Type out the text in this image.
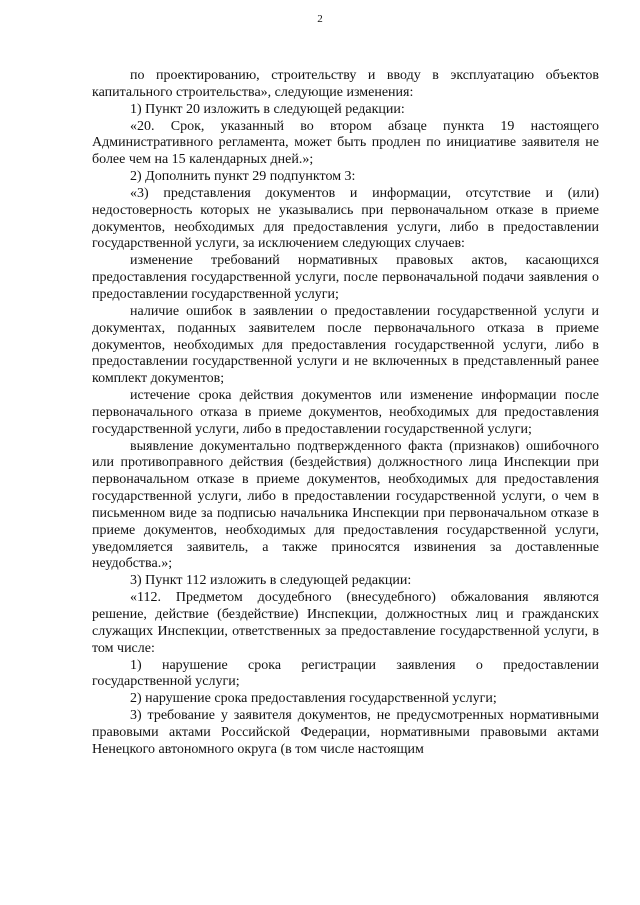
2

по проектированию, строительству и вводу в эксплуатацию объектов капитального строительства», следующие изменения:

1) Пункт 20 изложить в следующей редакции:

«20. Срок, указанный во втором абзаце пункта 19 настоящего Административного регламента, может быть продлен по инициативе заявителя не более чем на 15 календарных дней.»;

2) Дополнить пункт 29 подпунктом 3:

«3) представления документов и информации, отсутствие и (или) недостоверность которых не указывались при первоначальном отказе в приеме документов, необходимых для предоставления услуги, либо в предоставлении государственной услуги, за исключением следующих случаев:

изменение требований нормативных правовых актов, касающихся предоставления государственной услуги, после первоначальной подачи заявления о предоставлении государственной услуги;

наличие ошибок в заявлении о предоставлении государственной услуги и документах, поданных заявителем после первоначального отказа в приеме документов, необходимых для предоставления государственной услуги, либо в предоставлении государственной услуги и не включенных в представленный ранее комплект документов;

истечение срока действия документов или изменение информации после первоначального отказа в приеме документов, необходимых для предоставления государственной услуги, либо в предоставлении государственной услуги;

выявление документально подтвержденного факта (признаков) ошибочного или противоправного действия (бездействия) должностного лица Инспекции при первоначальном отказе в приеме документов, необходимых для предоставления государственной услуги, либо в предоставлении государственной услуги, о чем в письменном виде за подписью начальника Инспекции при первоначальном отказе в приеме документов, необходимых для предоставления государственной услуги, уведомляется заявитель, а также приносятся извинения за доставленные неудобства.»;

3) Пункт 112 изложить в следующей редакции:

«112. Предметом досудебного (внесудебного) обжалования являются решение, действие (бездействие) Инспекции, должностных лиц и гражданских служащих Инспекции, ответственных за предоставление государственной услуги, в том числе:

1) нарушение срока регистрации заявления о предоставлении государственной услуги;

2) нарушение срока предоставления государственной услуги;

3) требование у заявителя документов, не предусмотренных нормативными правовыми актами Российской Федерации, нормативными правовыми актами Ненецкого автономного округа (в том числе настоящим
